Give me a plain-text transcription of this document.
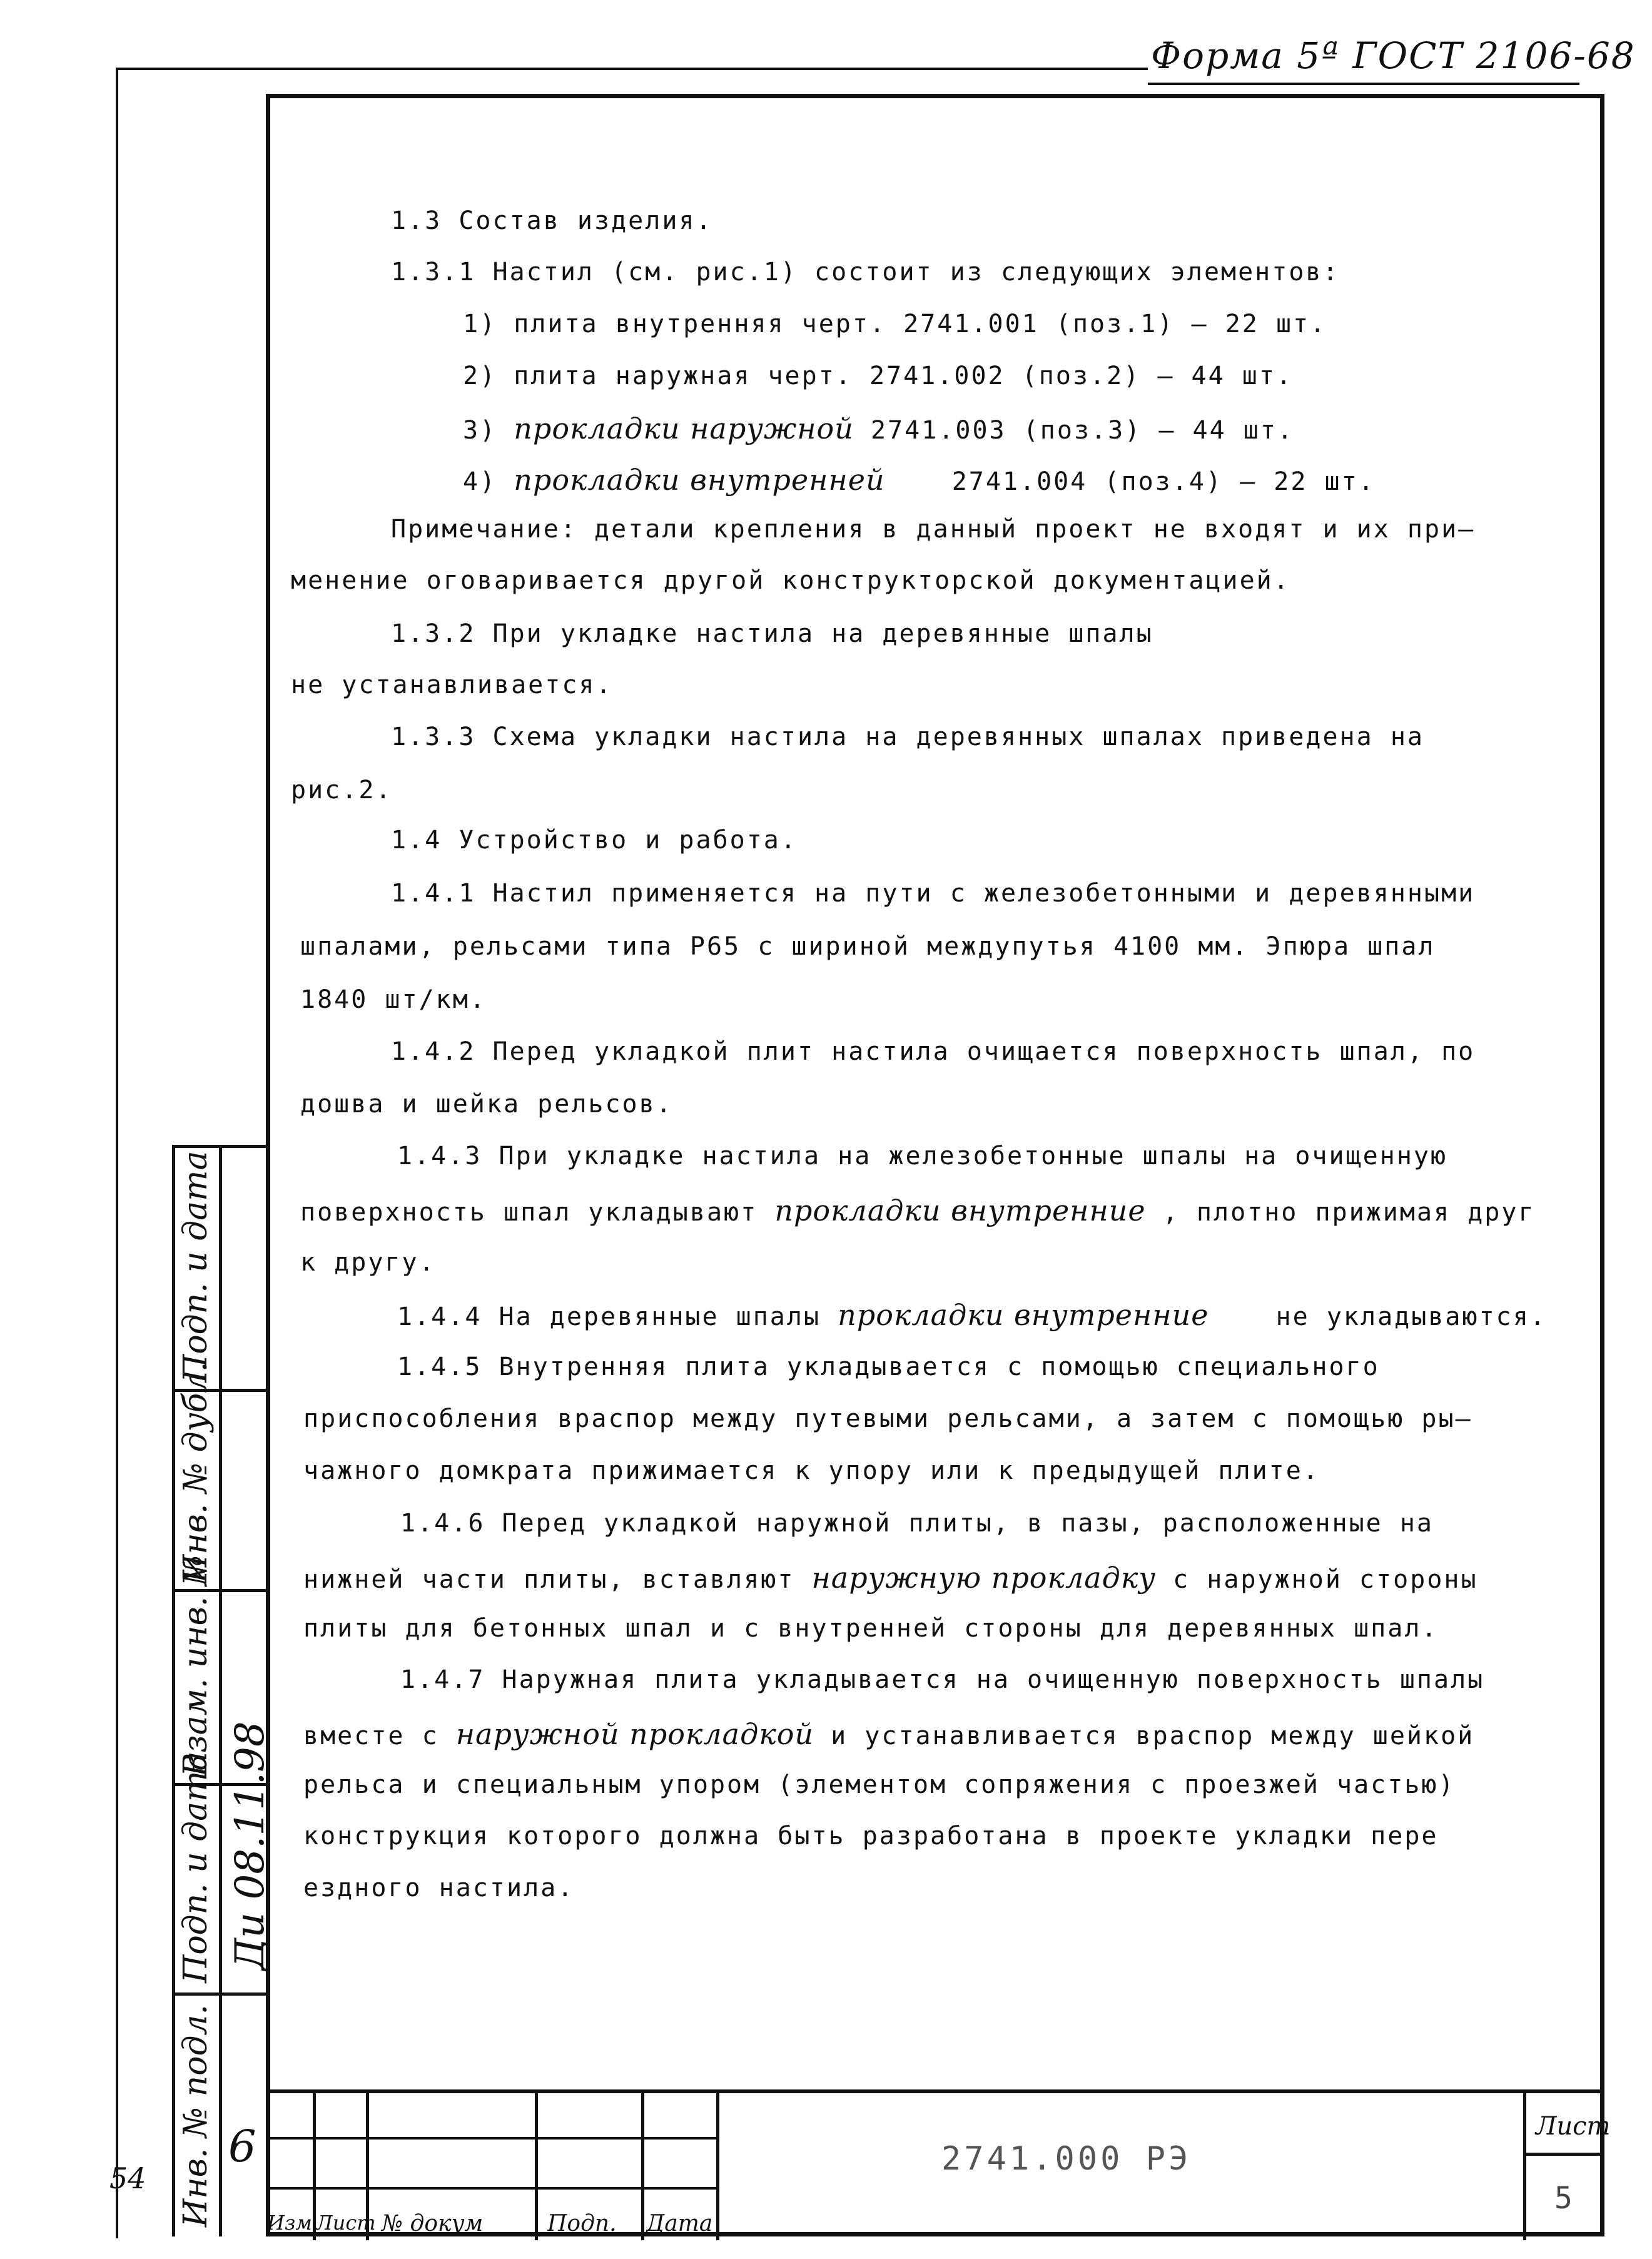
Форма 5ª ГОСТ 2106-68
1.3 Состав изделия.
1.3.1 Настил (см. рис.1) состоит из следующих элементов:
1) плита внутренняя черт. 2741.001 (поз.1) – 22 шт.
2) плита наружная черт. 2741.002 (поз.2) – 44 шт.
3) прокладки наружной 2741.003 (поз.3) – 44 шт.
4) прокладки внутренней	2741.004 (поз.4) – 22 шт.
Примечание: детали крепления в данный проект не входят и их при–
менение оговаривается другой конструкторской документацией.
1.3.2 При укладке настила на деревянные шпалы
не устанавливается.
1.3.3 Схема укладки настила на деревянных шпалах приведена на
рис.2.
1.4 Устройство и работа.
1.4.1 Настил применяется на пути с железобетонными и деревянными
шпалами, рельсами типа Р65 с шириной междупутья 4100 мм. Эпюра шпал
1840 шт/км.
1.4.2 Перед укладкой плит настила очищается поверхность шпал, по
дошва и шейка рельсов.
1.4.3 При укладке настила на железобетонные шпалы на очищенную
поверхность шпал укладывают прокладки внутренние , плотно прижимая друг
к другу.
1.4.4 На деревянные шпалы прокладки внутренние	не укладываются.
1.4.5 Внутренняя плита укладывается с помощью специального
приспособления враспор между путевыми рельсами, а затем с помощью ры–
чажного домкрата прижимается к упору или к предыдущей плите.
1.4.6 Перед укладкой наружной плиты, в пазы, расположенные на
нижней части плиты, вставляют наружную прокладку с наружной стороны
плиты для бетонных шпал и с внутренней стороны для деревянных шпал.
1.4.7 Наружная плита укладывается на очищенную поверхность шпалы
вместе с наружной прокладкой и устанавливается враспор между шейкой
рельса и специальным упором (элементом сопряжения с проезжей частью)
конструкция которого должна быть разработана в проекте укладки пере
ездного настила.
Инв. № подл.
Подп. и дата
Взам. инв. №
Инв. № дубл.
Подп. и дата
6
Ди 08.11.98
54
Изм Лист № докум	Подп. Дата
2741.000 РЭ
Лист
5
